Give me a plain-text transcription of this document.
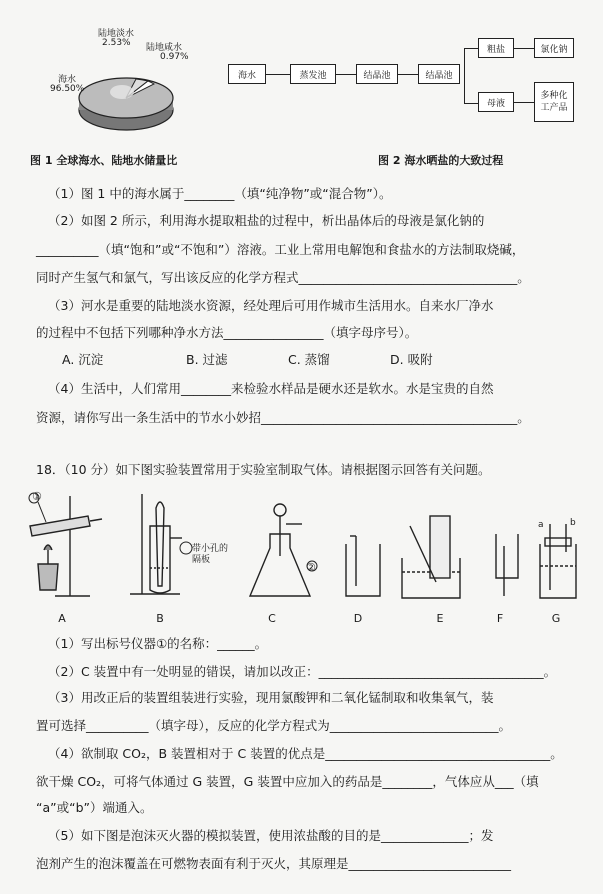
陆地淡水
2.53% 陆地咸水
0.97%
海水
96.50%
图 1 全球海水、陆地水储量比
海水	蒸发池	结晶池	结晶池
粗盐
母液
氯化钠
多种化工产品
图 2 海水晒盐的大致过程
（1）图 1 中的海水属于________（填“纯净物”或“混合物”）。
（2）如图 2 所示，利用海水提取粗盐的过程中，析出晶体后的母液是氯化钠的
__________（填“饱和”或“不饱和”）溶液。工业上常用电解饱和食盐水的方法制取烧碱，
同时产生氢气和氯气，写出该反应的化学方程式___________________________________。
（3）河水是重要的陆地淡水资源，经处理后可用作城市生活用水。自来水厂净水
的过程中不包括下列哪种净水方法________________（填字母序号）。
A. 沉淀	B. 过滤	C. 蒸馏	D. 吸附
（4）生活中，人们常用________来检验水样品是硬水还是软水。水是宝贵的自然
资源，请你写出一条生活中的节水小妙招_________________________________________。
18．（10 分）如下图实验装置常用于实验室制取气体。请根据图示回答有关问题。
①
②
带小孔的隔板
a	b
A	B	C	D	E	F	G
（1）写出标号仪器①的名称：______。
（2）C 装置中有一处明显的错误，请加以改正：____________________________________。
（3）用改正后的装置组装进行实验，现用氯酸钾和二氧化锰制取和收集氧气，装
置可选择__________（填字母），反应的化学方程式为___________________________。
（4）欲制取 CO₂，B 装置相对于 C 装置的优点是____________________________________。
欲干燥 CO₂，可将气体通过 G 装置，G 装置中应加入的药品是________，气体应从___（填
“a”或“b”）端通入。
（5）如下图是泡沫灭火器的模拟装置，使用浓盐酸的目的是______________；发
泡剂产生的泡沫覆盖在可燃物表面有利于灭火，其原理是__________________________
